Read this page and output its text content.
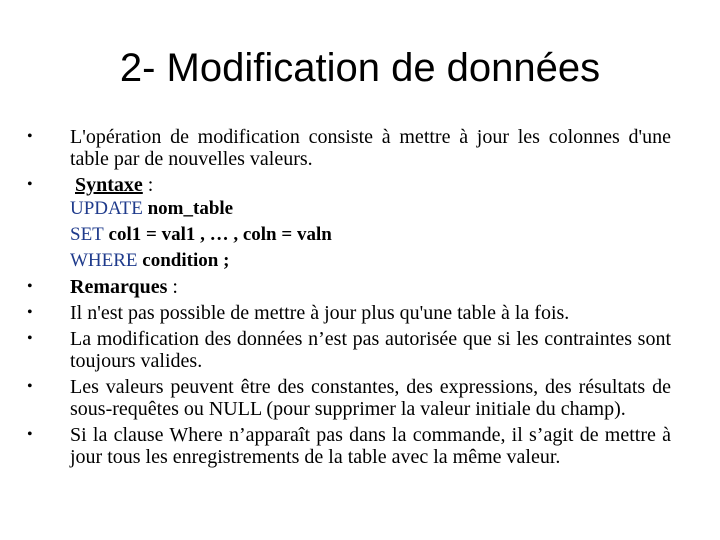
2- Modification de données

• L'opération de modification consiste à mettre à jour les colonnes d'une table par de nouvelles valeurs.

• Syntaxe :

UPDATE nom_table
SET col1 = val1 , … , coln = valn
WHERE condition ;

• Remarques :

• Il n'est pas possible de mettre à jour plus qu'une table à la fois.

• La modification des données n’est pas autorisée que si les contraintes sont toujours valides.

• Les valeurs peuvent être des constantes, des expressions, des résultats de sous-requêtes ou NULL (pour supprimer la valeur initiale du champ).

• Si la clause Where n’apparaît pas dans la commande, il s’agit de mettre à jour tous les enregistrements de la table avec la même valeur.
